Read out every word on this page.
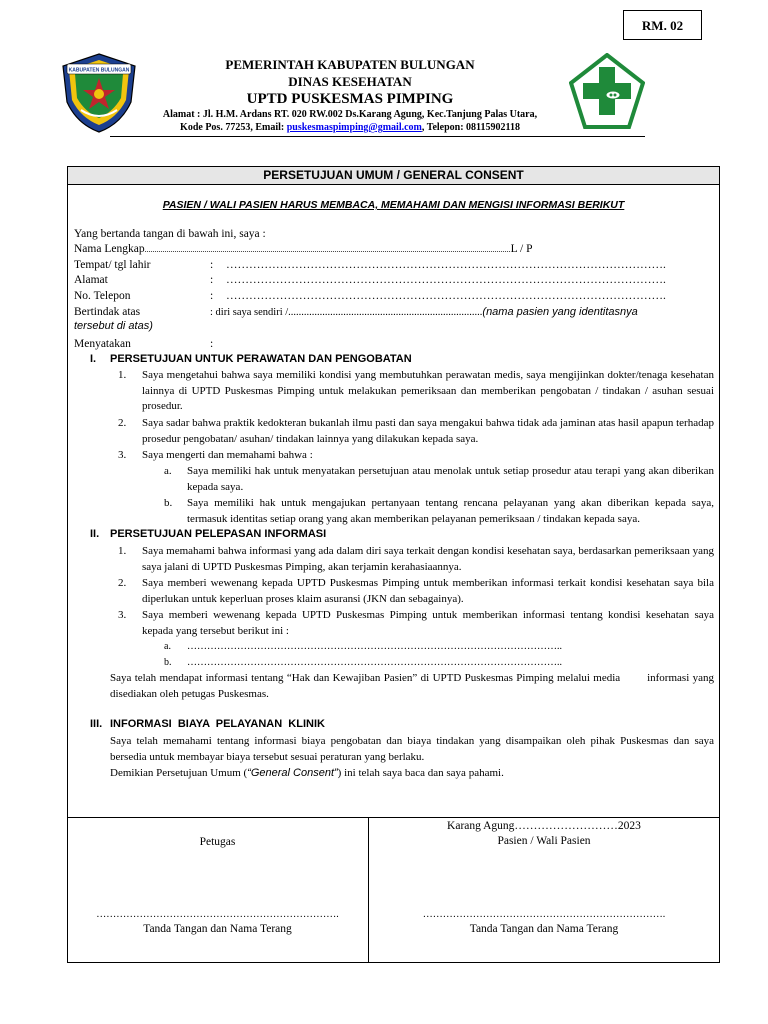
RM. 02
KABUPATEN BULUNGAN	PEMERINTAH KABUPATEN BULUNGAN
DINAS KESEHATAN
UPTD PUSKESMAS PIMPING
Alamat : Jl. H.M. Ardans RT. 020 RW.002 Ds.Karang Agung, Kec.Tanjung Palas Utara,
Kode Pos. 77253, Email: puskesmaspimping@gmail.com, Telepon: 08115902118
PERSETUJUAN UMUM / GENERAL CONSENT
PASIEN / WALI PASIEN HARUS MEMBACA, MEMAHAMI DAN MENGISI INFORMASI BERIKUT
Yang bertanda tangan di bawah ini, saya :
Nama Lengkap.......................................................................................................................................................................................L / P
Tempat/ tgl lahir	: …………………………………………………………………………………………………….
Alamat	: …………………………………………………………………………………………………….
No. Telepon	: …………………………………………………………………………………………………….
Bertindak atas	: diri saya sendiri /..........................................................................(nama pasien yang identitasnya
tersebut di atas)
Menyatakan	:
I. PERSETUJUAN UNTUK PERAWATAN DAN PENGOBATAN
1. Saya mengetahui bahwa saya memiliki kondisi yang membutuhkan perawatan medis, saya mengijinkan dokter/tenaga kesehatan lainnya di UPTD Puskesmas Pimping untuk melakukan pemeriksaan dan memberikan pengobatan / tindakan / asuhan sesuai prosedur.
2. Saya sadar bahwa praktik kedokteran bukanlah ilmu pasti dan saya mengakui bahwa tidak ada jaminan atas hasil apapun terhadap prosedur pengobatan/ asuhan/ tindakan lainnya yang dilakukan kepada saya.
3. Saya mengerti dan memahami bahwa :
a. Saya memiliki hak untuk menyatakan persetujuan atau menolak untuk setiap prosedur atau terapi yang akan diberikan kepada saya.
b. Saya memiliki hak untuk mengajukan pertanyaan tentang rencana pelayanan yang akan diberikan kepada saya, termasuk identitas setiap orang yang akan memberikan pelayanan pemeriksaan / tindakan kepada saya.
II. PERSETUJUAN PELEPASAN INFORMASI
1. Saya memahami bahwa informasi yang ada dalam diri saya terkait dengan kondisi kesehatan saya, berdasarkan pemeriksaan yang saya jalani di UPTD Puskesmas Pimping, akan terjamin kerahasiaannya.
2. Saya memberi wewenang kepada UPTD Puskesmas Pimping untuk memberikan informasi terkait kondisi kesehatan saya bila diperlukan untuk keperluan proses klaim asuransi (JKN dan sebagainya).
3. Saya memberi wewenang kepada UPTD Puskesmas Pimping untuk memberikan informasi tentang kondisi kesehatan saya kepada yang tersebut berikut ini :
a. …………………………………………………………………………………………………..
b. …………………………………………………………………………………………………..
Saya telah mendapat informasi tentang “Hak dan Kewajiban Pasien” di UPTD Puskesmas Pimping melalui media        informasi yang disediakan oleh petugas Puskesmas.
III. INFORMASI  BIAYA  PELAYANAN  KLINIK
Saya telah memahami tentang informasi biaya pengobatan dan biaya tindakan yang disampaikan oleh pihak Puskesmas dan saya bersedia untuk membayar biaya tersebut sesuai peraturan yang berlaku.
Demikian Persetujuan Umum (“General Consent”) ini telah saya baca dan saya pahami.
Karang Agung………………………2023
Petugas	Pasien / Wali Pasien
……………………………………………………………….	……………………………………………………………….
Tanda Tangan dan Nama Terang	Tanda Tangan dan Nama Terang
